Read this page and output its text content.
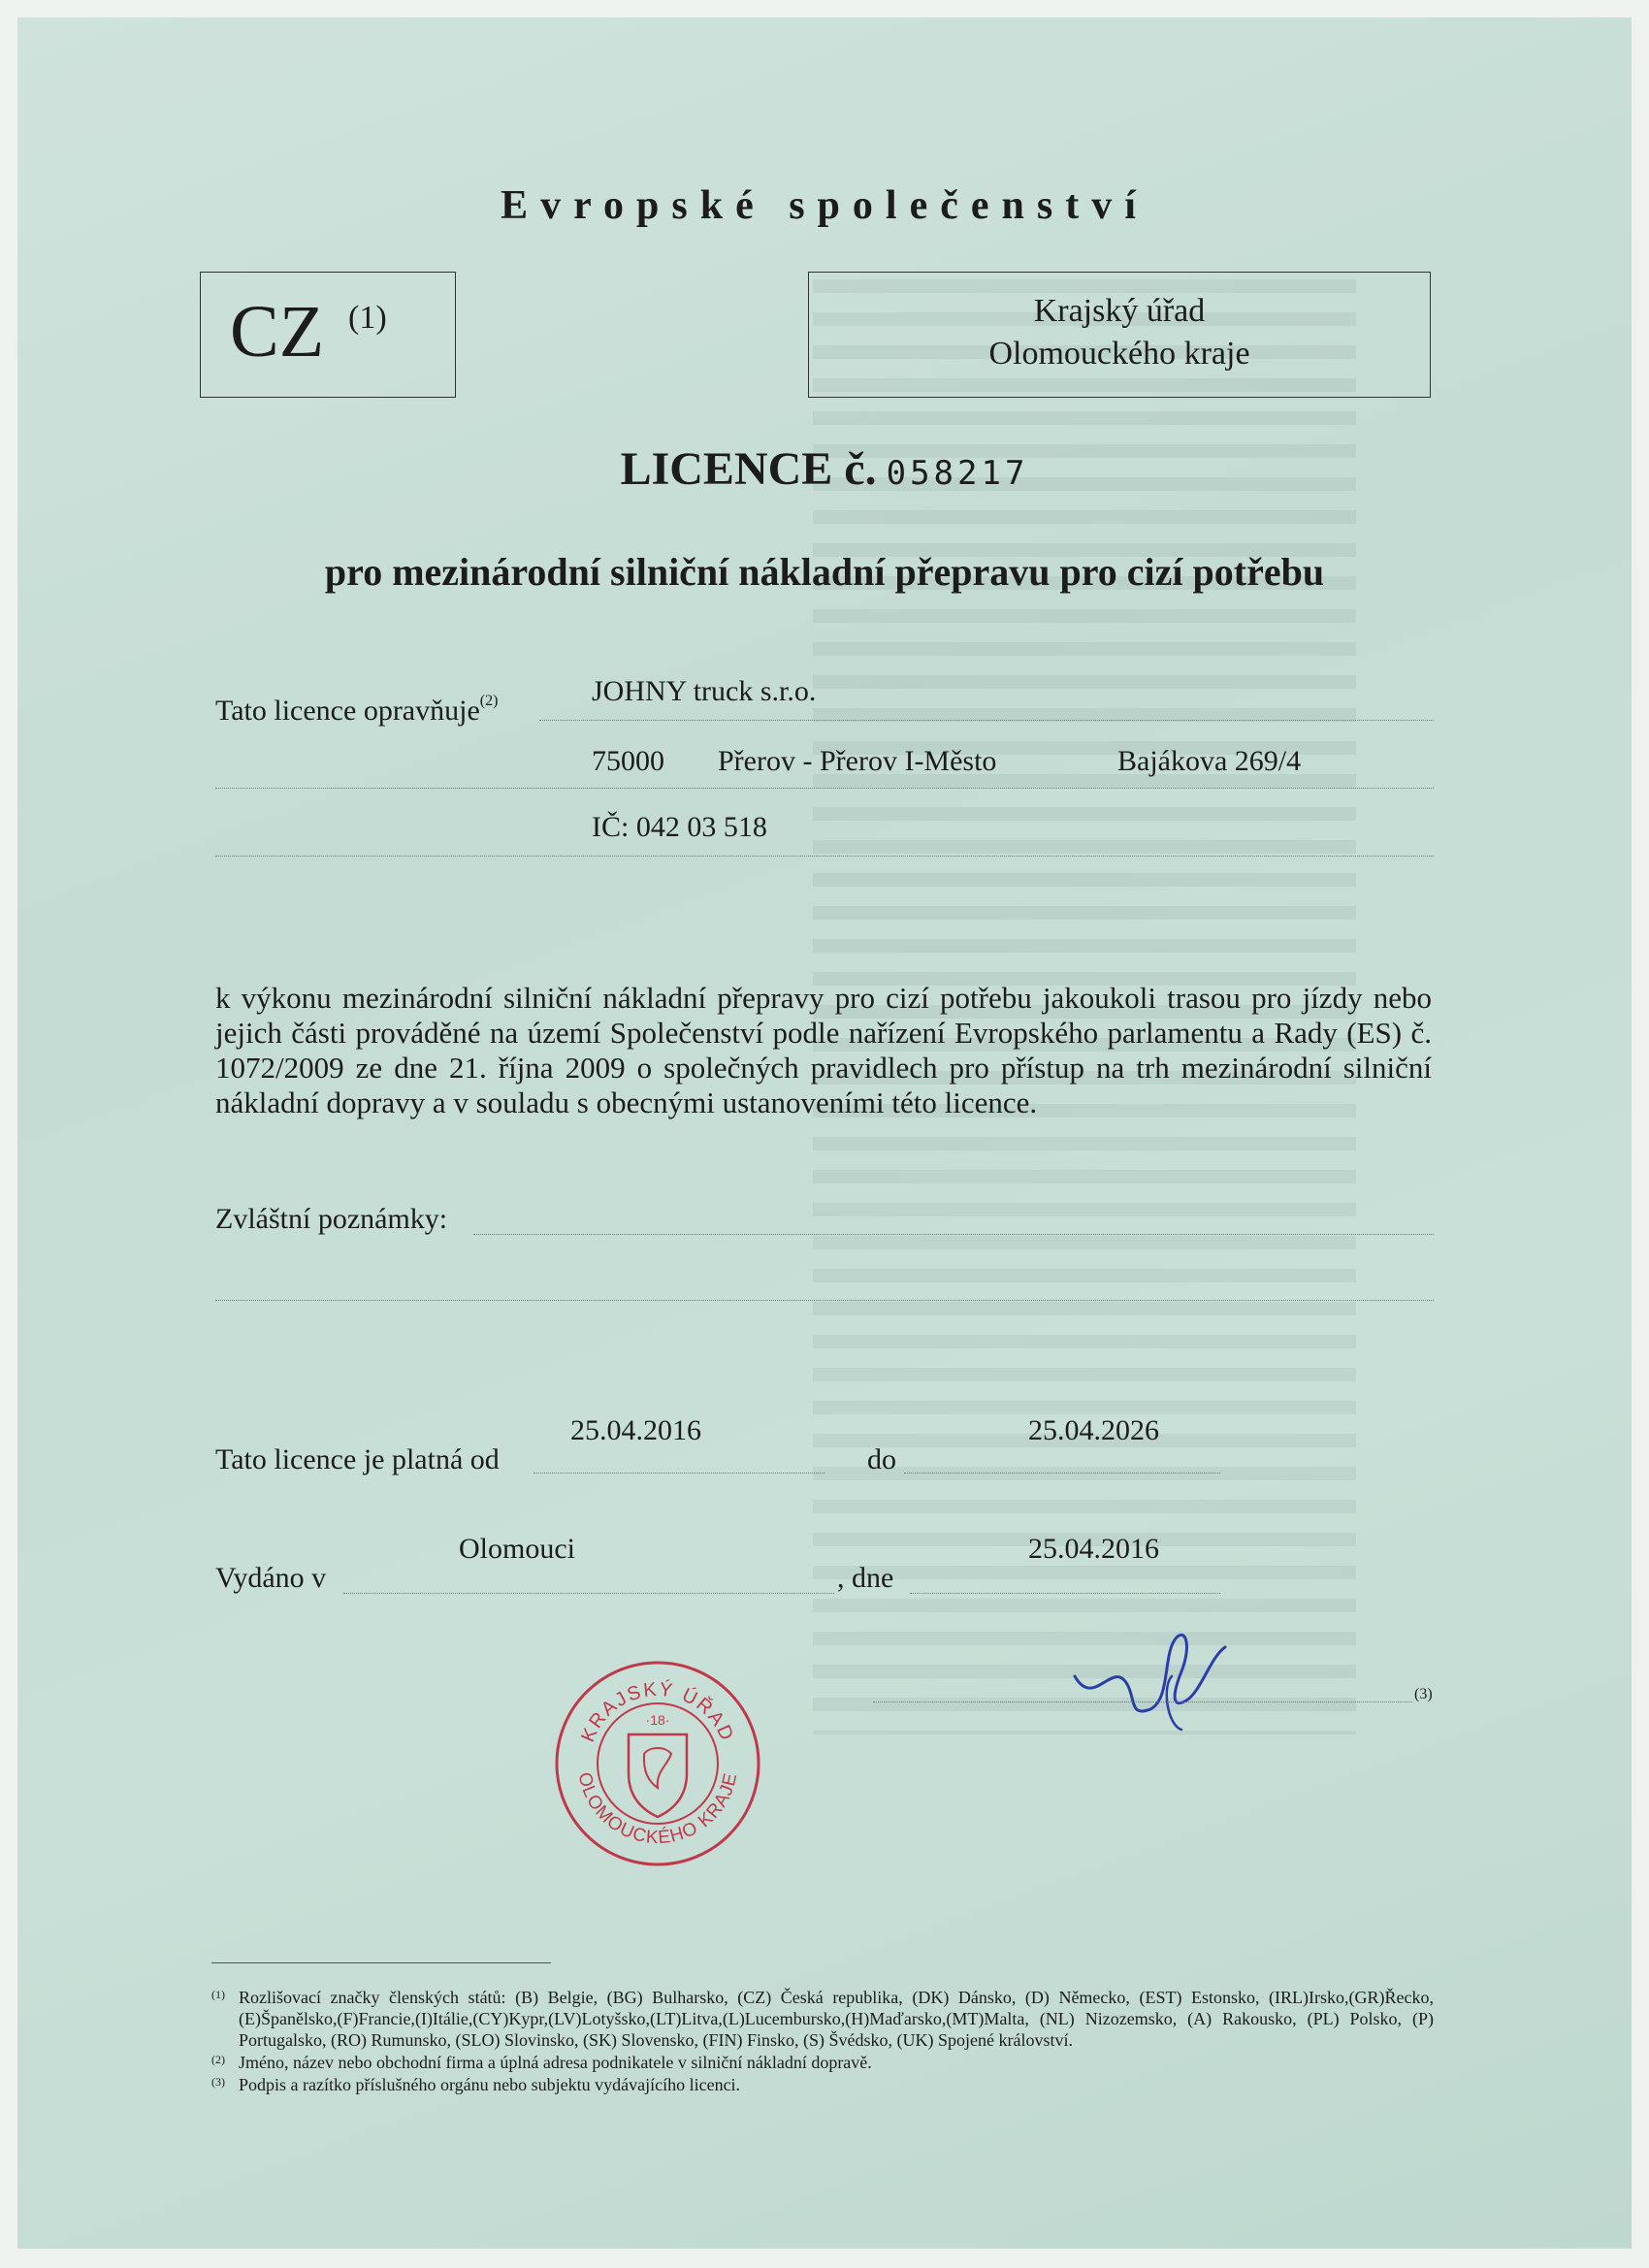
Evropské společenství
CZ (1)	Krajský úřad
Olomouckého kraje
LICENCE č. 058217
pro mezinárodní silniční nákladní přepravu pro cizí potřebu
Tato licence opravňuje$^{(2)}$	JOHNY truck s.r.o.
75000 Přerov - Přerov I-Město	Bajákova 269/4
IČ: 042 03 518
k výkonu mezinárodní silniční nákladní přepravy pro cizí potřebu jakoukoli trasou pro jízdy nebo jejich části prováděné na území Společenství podle nařízení Evropského parlamentu a Rady (ES) č. 1072/2009 ze dne 21. října 2009 o společných pravidlech pro přístup na trh mezinárodní silniční nákladní dopravy a v souladu s obecnými ustanoveními této licence.
Zvláštní poznámky:
Tato licence je platná od
25.04.2016
do
25.04.2026
Vydáno v
Olomouci
, dne
25.04.2016
(3)
KRAJSKÝ ÚŘAD
OLOMOUCKÉHO KRAJE
·18·
(1) Rozlišovací značky členských států: (B) Belgie, (BG) Bulharsko, (CZ) Česká republika, (DK) Dánsko, (D) Německo, (EST) Estonsko, (IRL)Irsko,(GR)Řecko,(E)Španělsko,(F)Francie,(I)Itálie,(CY)Kypr,(LV)Lotyšsko,(LT)Litva,(L)Lucembursko,(H)Maďarsko,(MT)Malta, (NL) Nizozemsko, (A) Rakousko, (PL) Polsko, (P) Portugalsko, (RO) Rumunsko, (SLO) Slovinsko, (SK) Slovensko, (FIN) Finsko, (S) Švédsko, (UK) Spojené království.
(2) Jméno, název nebo obchodní firma a úplná adresa podnikatele v silniční nákladní dopravě.
(3) Podpis a razítko příslušného orgánu nebo subjektu vydávajícího licenci.
